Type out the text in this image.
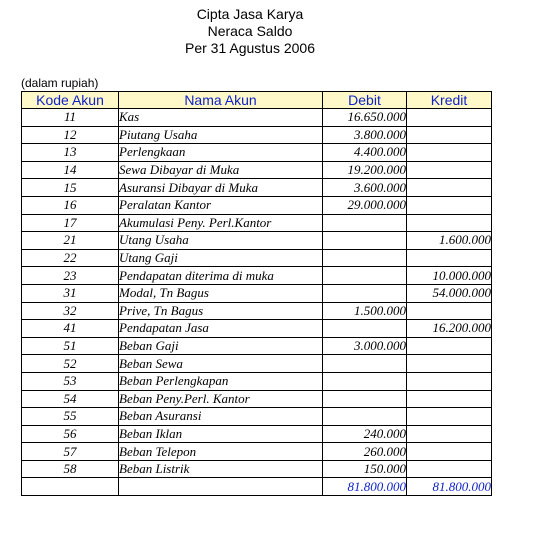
Cipta Jasa Karya
Neraca Saldo
Per 31 Agustus 2006
(dalam rupiah)
Kode Akun	Nama Akun	Debit	Kredit
11	Kas	16.650.000	
12	Piutang Usaha	3.800.000	
13	Perlengkaan	4.400.000	
14	Sewa Dibayar di Muka	19.200.000	
15	Asuransi Dibayar di Muka	3.600.000	
16	Peralatan Kantor	29.000.000	
17	Akumulasi Peny. Perl.Kantor		
21	Utang Usaha		1.600.000
22	Utang Gaji		
23	Pendapatan diterima di muka		10.000.000
31	Modal, Tn Bagus		54.000.000
32	Prive, Tn Bagus	1.500.000	
41	Pendapatan Jasa		16.200.000
51	Beban Gaji	3.000.000	
52	Beban Sewa		
53	Beban Perlengkapan		
54	Beban Peny.Perl. Kantor		
55	Beban Asuransi		
56	Beban Iklan	240.000	
57	Beban Telepon	260.000	
58	Beban Listrik	150.000	
		81.800.000	81.800.000
